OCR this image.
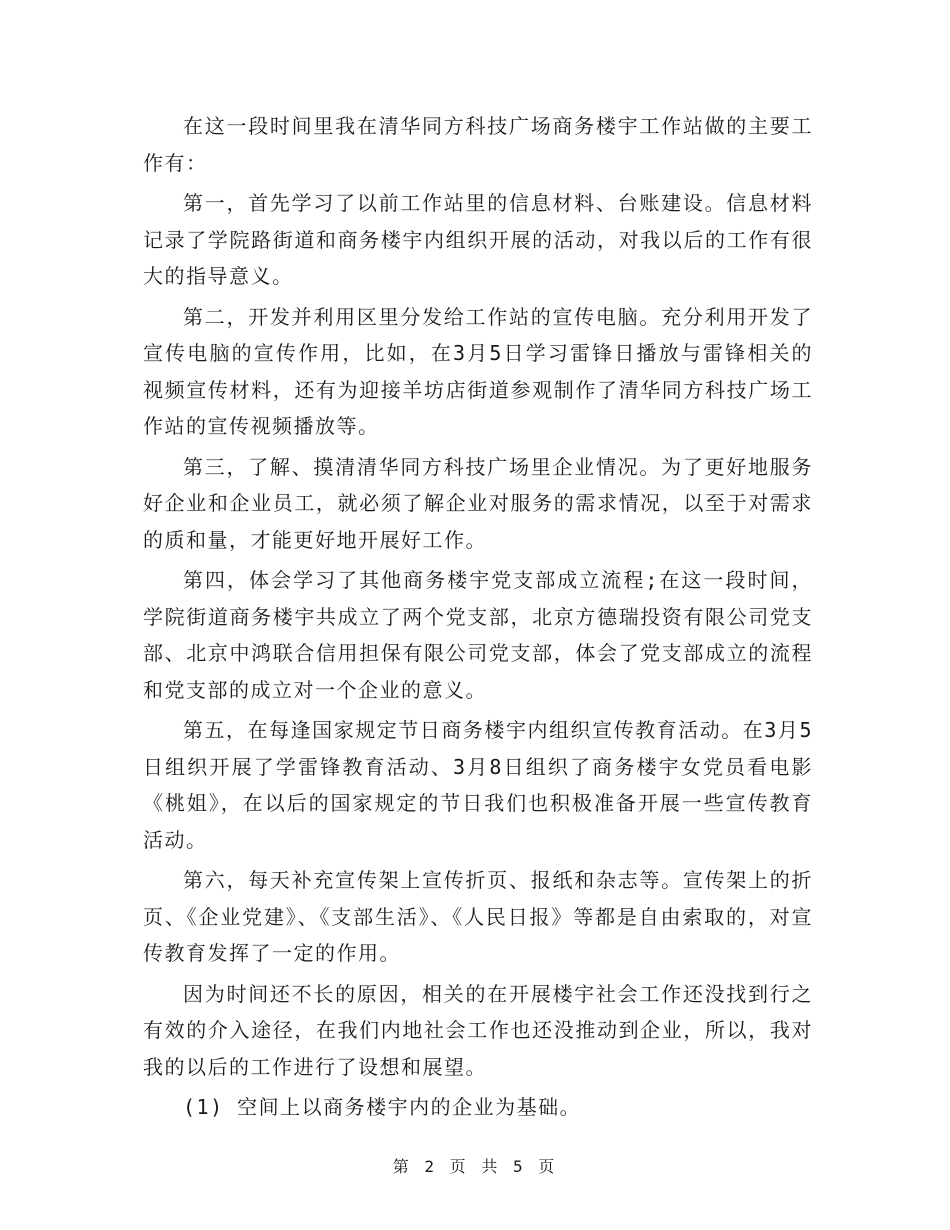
在这一段时间里我在清华同方科技广场商务楼宇工作站做的主要工作有：

第一，首先学习了以前工作站里的信息材料、台账建设。信息材料记录了学院路街道和商务楼宇内组织开展的活动，对我以后的工作有很大的指导意义。

第二，开发并利用区里分发给工作站的宣传电脑。充分利用开发了宣传电脑的宣传作用，比如，在3月5日学习雷锋日播放与雷锋相关的视频宣传材料，还有为迎接羊坊店街道参观制作了清华同方科技广场工作站的宣传视频播放等。

第三，了解、摸清清华同方科技广场里企业情况。为了更好地服务好企业和企业员工，就必须了解企业对服务的需求情况，以至于对需求的质和量，才能更好地开展好工作。

第四，体会学习了其他商务楼宇党支部成立流程;在这一段时间，学院街道商务楼宇共成立了两个党支部，北京方德瑞投资有限公司党支部、北京中鸿联合信用担保有限公司党支部，体会了党支部成立的流程和党支部的成立对一个企业的意义。

第五，在每逢国家规定节日商务楼宇内组织宣传教育活动。在3月5日组织开展了学雷锋教育活动、3月8日组织了商务楼宇女党员看电影《桃姐》，在以后的国家规定的节日我们也积极准备开展一些宣传教育活动。

第六，每天补充宣传架上宣传折页、报纸和杂志等。宣传架上的折页、《企业党建》、《支部生活》、《人民日报》等都是自由索取的，对宣传教育发挥了一定的作用。

因为时间还不长的原因，相关的在开展楼宇社会工作还没找到行之有效的介入途径，在我们内地社会工作也还没推动到企业，所以，我对我的以后的工作进行了设想和展望。

(1) 空间上以商务楼宇内的企业为基础。

第 2 页 共 5 页
